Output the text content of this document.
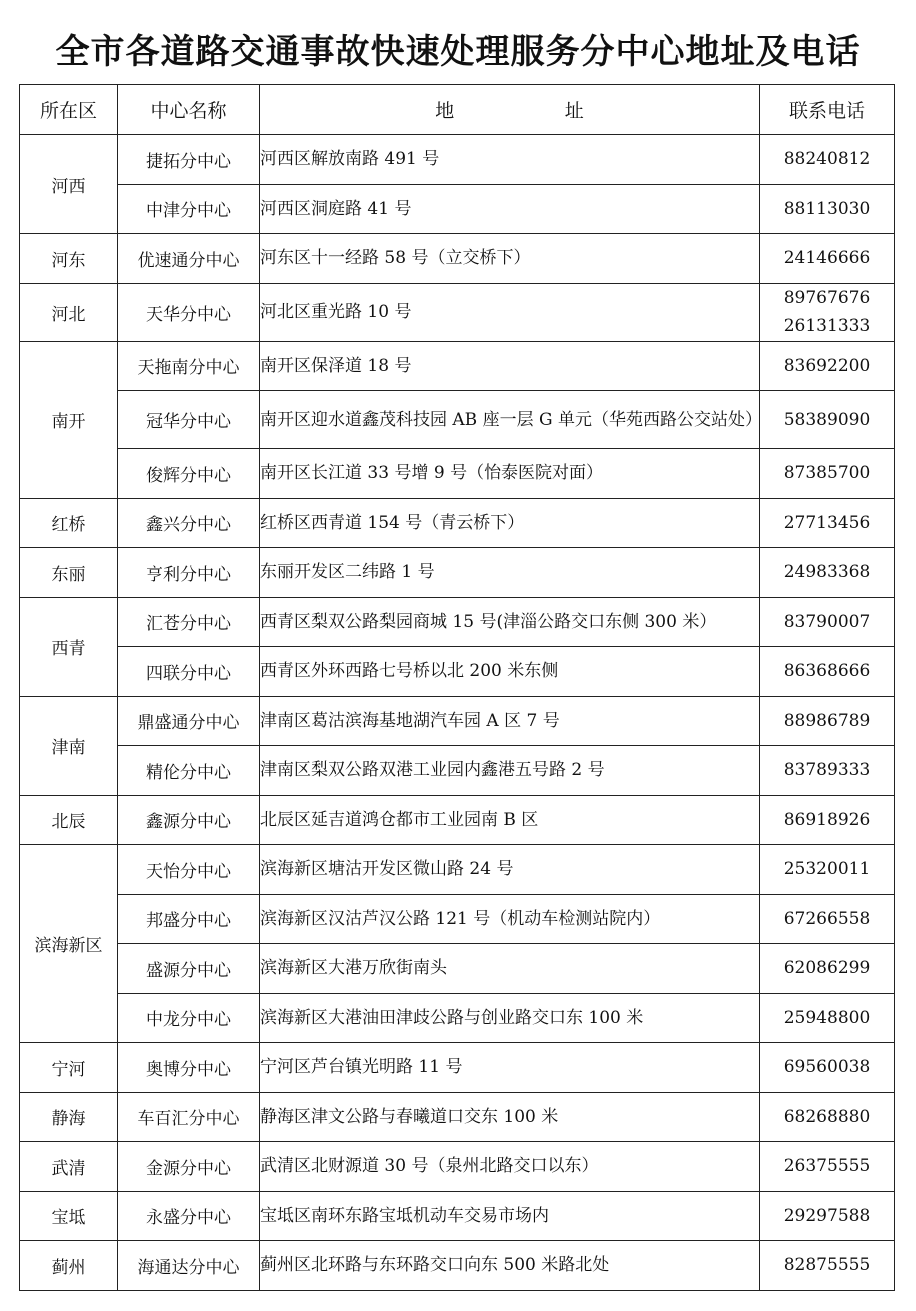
全市各道路交通事故快速处理服务分中心地址及电话
所在区	中心名称	地 址	联系电话
河西	捷拓分中心	河西区解放南路 491 号	88240812

	中津分中心	河西区洞庭路 41 号	88113030

河东	优速通分中心	河东区十一经路 58 号（立交桥下）	24146666

河北	天华分中心	河北区重光路 10 号	89767676
26131333

南开	天拖南分中心	南开区保泽道 18 号	83692200

	冠华分中心	南开区迎水道鑫茂科技园 AB 座一层 G 单元（华苑西路公交站处）	58389090

	俊辉分中心	南开区长江道 33 号增 9 号（怡泰医院对面）	87385700

红桥	鑫兴分中心	红桥区西青道 154 号（青云桥下）	27713456

东丽	亨利分中心	东丽开发区二纬路 1 号	24983368

西青	汇苍分中心	西青区梨双公路梨园商城 15 号(津淄公路交口东侧 300 米）	83790007

	四联分中心	西青区外环西路七号桥以北 200 米东侧	86368666

津南	鼎盛通分中心	津南区葛沽滨海基地湖汽车园 A 区 7 号	88986789

	精伦分中心	津南区梨双公路双港工业园内鑫港五号路 2 号	83789333

北辰	鑫源分中心	北辰区延吉道鸿仓都市工业园南 B 区	86918926

滨海新区	天怡分中心	滨海新区塘沽开发区微山路 24 号	25320011

	邦盛分中心	滨海新区汉沽芦汉公路 121 号（机动车检测站院内）	67266558

	盛源分中心	滨海新区大港万欣街南头	62086299

	中龙分中心	滨海新区大港油田津歧公路与创业路交口东 100 米	25948800

宁河	奥博分中心	宁河区芦台镇光明路 11 号	69560038

静海	车百汇分中心	静海区津文公路与春曦道口交东 100 米	68268880

武清	金源分中心	武清区北财源道 30 号（泉州北路交口以东）	26375555

宝坻	永盛分中心	宝坻区南环东路宝坻机动车交易市场内	29297588

蓟州	海通达分中心	蓟州区北环路与东环路交口向东 500 米路北处	82875555
